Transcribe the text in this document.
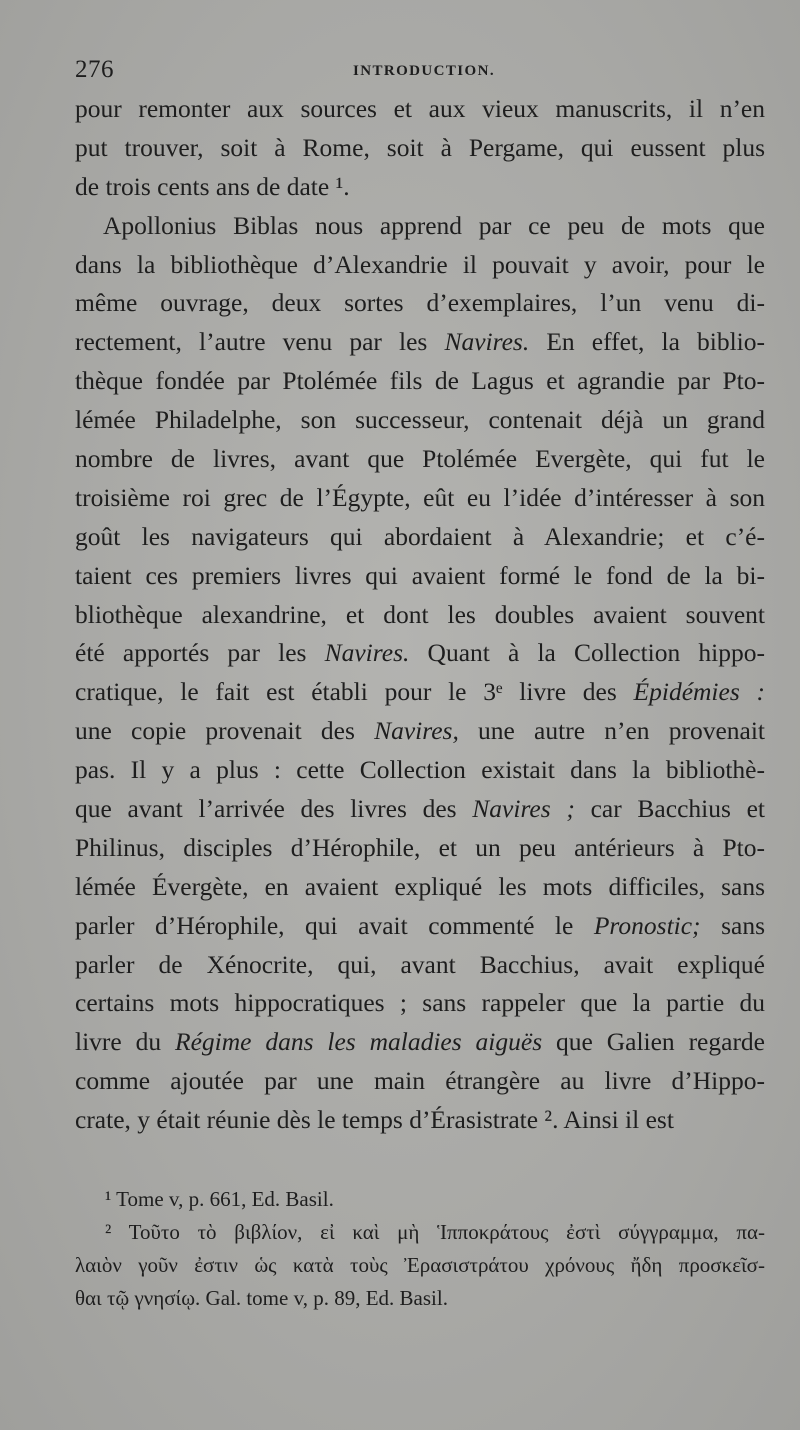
276	INTRODUCTION.
pour remonter aux sources et aux vieux manuscrits, il n’en
put trouver, soit à Rome, soit à Pergame, qui eussent plus
de trois cents ans de date ¹.
Apollonius Biblas nous apprend par ce peu de mots que
dans la bibliothèque d’Alexandrie il pouvait y avoir, pour le
même ouvrage, deux sortes d’exemplaires, l’un venu di-
rectement, l’autre venu par les Navires. En effet, la biblio-
thèque fondée par Ptolémée fils de Lagus et agrandie par Pto-
lémée Philadelphe, son successeur, contenait déjà un grand
nombre de livres, avant que Ptolémée Evergète, qui fut le
troisième roi grec de l’Égypte, eût eu l’idée d’intéresser à son
goût les navigateurs qui abordaient à Alexandrie; et c’é-
taient ces premiers livres qui avaient formé le fond de la bi-
bliothèque alexandrine, et dont les doubles avaient souvent
été apportés par les Navires. Quant à la Collection hippo-
cratique, le fait est établi pour le 3ᵉ livre des Épidémies :
une copie provenait des Navires, une autre n’en provenait
pas. Il y a plus : cette Collection existait dans la bibliothè-
que avant l’arrivée des livres des Navires ; car Bacchius et
Philinus, disciples d’Hérophile, et un peu antérieurs à Pto-
lémée Évergète, en avaient expliqué les mots difficiles, sans
parler d’Hérophile, qui avait commenté le Pronostic; sans
parler de Xénocrite, qui, avant Bacchius, avait expliqué
certains mots hippocratiques ; sans rappeler que la partie du
livre du Régime dans les maladies aiguës que Galien regarde
comme ajoutée par une main étrangère au livre d’Hippo-
crate, y était réunie dès le temps d’Érasistrate ². Ainsi il est
¹ Tome v, p. 661, Ed. Basil.
² Τοῦτο τὸ βιβλίον, εἰ καὶ μὴ Ἱπποκράτους ἐστὶ σύγγραμμα, πα-
λαιὸν γοῦν ἐστιν ὡς κατὰ τοὺς Ἐρασιστράτου χρόνους ἤδη προσκεῖσ-
θαι τῷ γνησίῳ. Gal. tome v, p. 89, Ed. Basil.
